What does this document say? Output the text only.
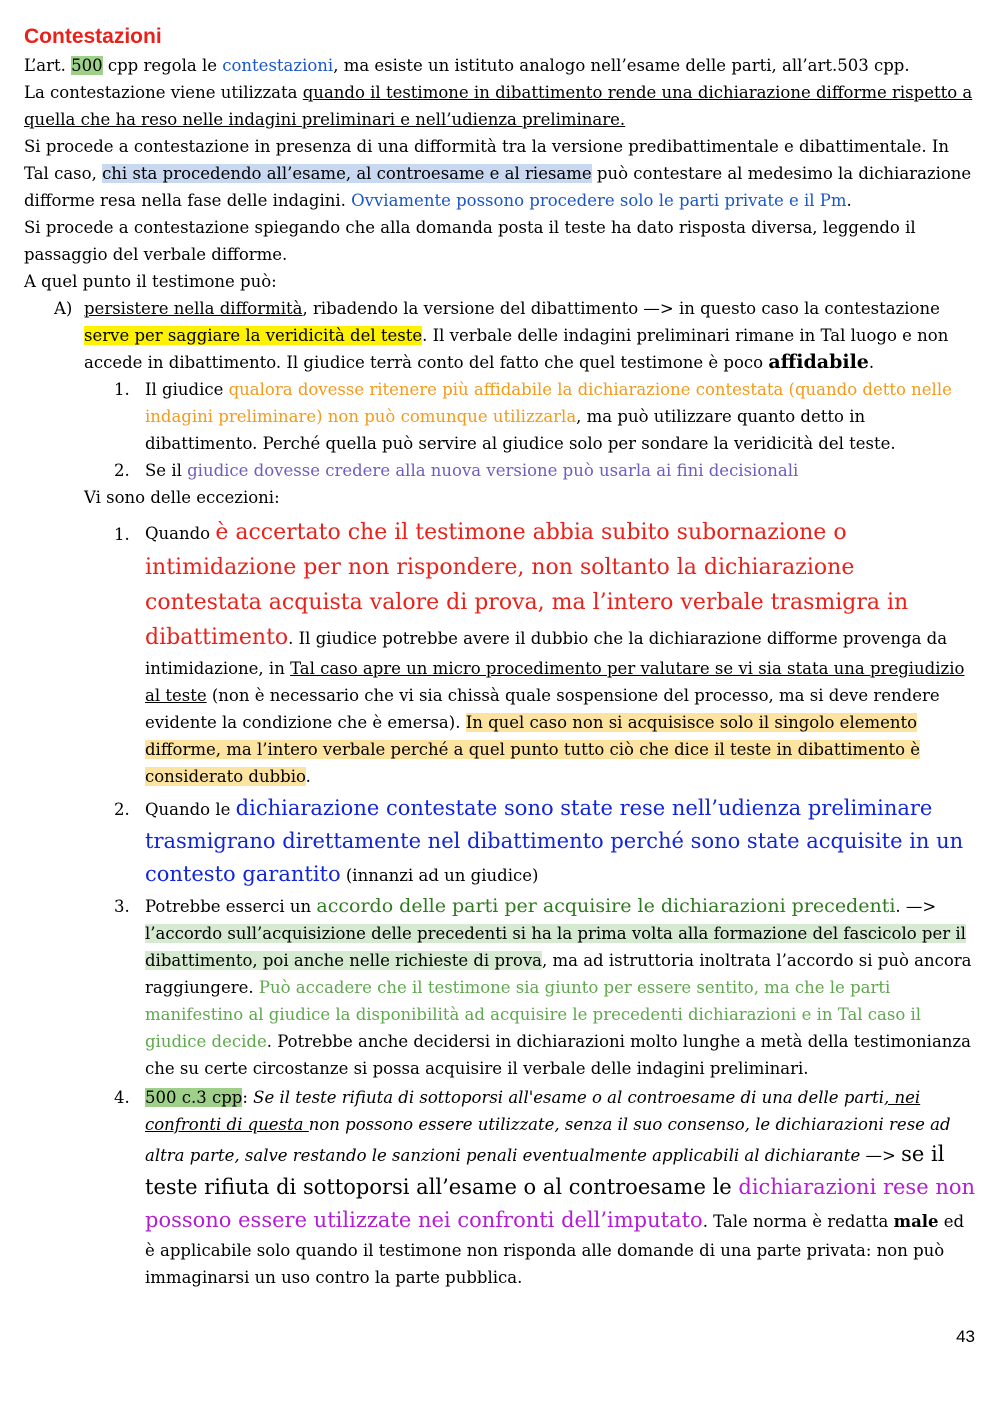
Contestazioni

L’art. 500 cpp regola le contestazioni, ma esiste un istituto analogo nell’esame delle parti, all’art.503 cpp.

La contestazione viene utilizzata quando il testimone in dibattimento rende una dichiarazione difforme rispetto a quella che ha reso nelle indagini preliminari e nell’udienza preliminare.

Si procede a contestazione in presenza di una difformità tra la versione predibattimentale e dibattimentale. In Tal caso, chi sta procedendo all’esame, al controesame e al riesame può contestare al medesimo la dichiarazione difforme resa nella fase delle indagini. Ovviamente possono procedere solo le parti private e il Pm.

Si procede a contestazione spiegando che alla domanda posta il teste ha dato risposta diversa, leggendo il passaggio del verbale difforme.

A quel punto il testimone può:

A) persistere nella difformità, ribadendo la versione del dibattimento —> in questo caso la contestazione serve per saggiare la veridicità del teste. Il verbale delle indagini preliminari rimane in Tal luogo e non accede in dibattimento. Il giudice terrà conto del fatto che quel testimone è poco affidabile.

1. Il giudice qualora dovesse ritenere più affidabile la dichiarazione contestata (quando detto nelle indagini preliminare) non può comunque utilizzarla, ma può utilizzare quanto detto in dibattimento. Perché quella può servire al giudice solo per sondare la veridicità del teste.

2. Se il giudice dovesse credere alla nuova versione può usarla ai fini decisionali

Vi sono delle eccezioni:

1. Quando è accertato che il testimone abbia subito subornazione o intimidazione per non rispondere, non soltanto la dichiarazione contestata acquista valore di prova, ma l’intero verbale trasmigra in dibattimento. Il giudice potrebbe avere il dubbio che la dichiarazione difforme provenga da intimidazione, in Tal caso apre un micro procedimento per valutare se vi sia stata una pregiudizio al teste (non è necessario che vi sia chissà quale sospensione del processo, ma si deve rendere evidente la condizione che è emersa). In quel caso non si acquisisce solo il singolo elemento difforme, ma l’intero verbale perché a quel punto tutto ciò che dice il teste in dibattimento è considerato dubbio.

2. Quando le dichiarazione contestate sono state rese nell’udienza preliminare trasmigrano direttamente nel dibattimento perché sono state acquisite in un contesto garantito (innanzi ad un giudice)

3. Potrebbe esserci un accordo delle parti per acquisire le dichiarazioni precedenti. —> l’accordo sull’acquisizione delle precedenti si ha la prima volta alla formazione del fascicolo per il dibattimento, poi anche nelle richieste di prova, ma ad istruttoria inoltrata l’accordo si può ancora raggiungere. Può accadere che il testimone sia giunto per essere sentito, ma che le parti manifestino al giudice la disponibilità ad acquisire le precedenti dichiarazioni e in Tal caso il giudice decide. Potrebbe anche decidersi in dichiarazioni molto lunghe a metà della testimonianza che su certe circostanze si possa acquisire il verbale delle indagini preliminari.

4. 500 c.3 cpp: Se il teste rifiuta di sottoporsi all'esame o al controesame di una delle parti, nei confronti di questa non possono essere utilizzate, senza il suo consenso, le dichiarazioni rese ad altra parte, salve restando le sanzioni penali eventualmente applicabili al dichiarante —> se il teste rifiuta di sottoporsi all’esame o al controesame le dichiarazioni rese non possono essere utilizzate nei confronti dell’imputato. Tale norma è redatta male ed è applicabile solo quando il testimone non risponda alle domande di una parte privata: non può immaginarsi un uso contro la parte pubblica.

43
